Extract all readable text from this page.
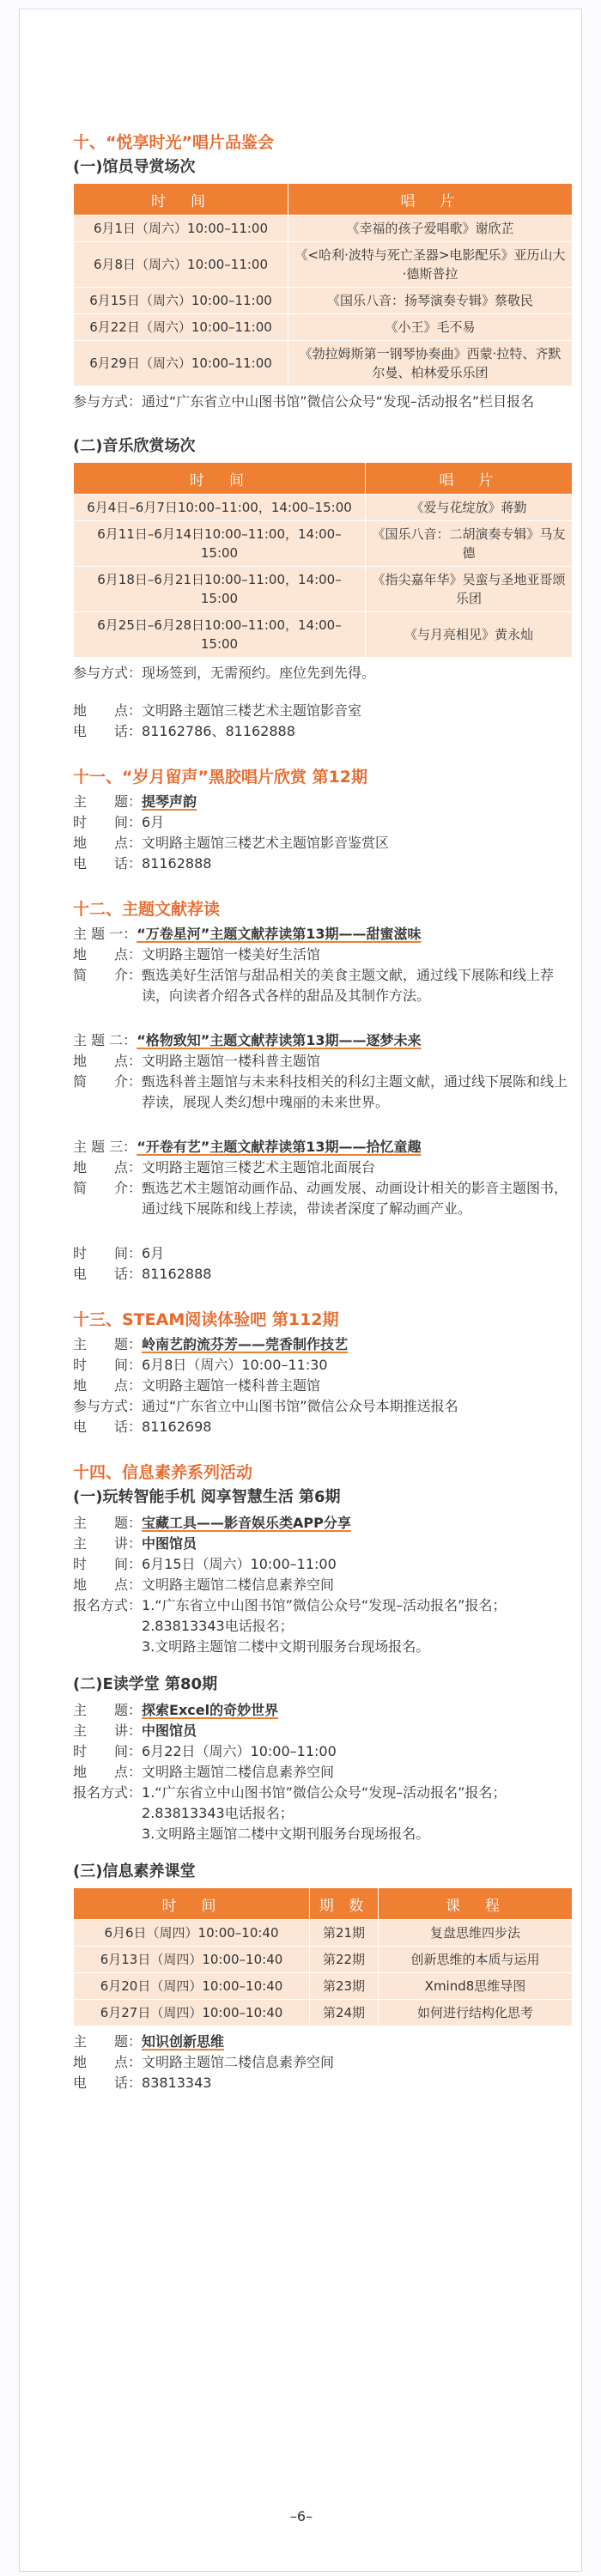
十、“悦享时光”唱片品鉴会
(一)馆员导赏场次
时　间	唱　片
6月1日（周六）10:00–11:00	《幸福的孩子爱唱歌》谢欣芷
6月8日（周六）10:00–11:00	《<哈利·波特与死亡圣器>电影配乐》亚历山大·德斯普拉
6月15日（周六）10:00–11:00	《国乐八音：扬琴演奏专辑》蔡敬民
6月22日（周六）10:00–11:00	《小王》毛不易
6月29日（周六）10:00–11:00	《勃拉姆斯第一钢琴协奏曲》西蒙·拉特、齐默尔曼、柏林爱乐乐团
参与方式： 通过“广东省立中山图书馆”微信公众号“发现–活动报名”栏目报名
(二)音乐欣赏场次
时　间	唱　片
6月4日–6月7日10:00–11:00，14:00–15:00	《爱与花绽放》蒋勤
6月11日–6月14日10:00–11:00，14:00–15:00	《国乐八音：二胡演奏专辑》马友德
6月18日–6月21日10:00–11:00，14:00–15:00	《指尖嘉年华》吴蛮与圣地亚哥颂乐团
6月25日–6月28日10:00–11:00，14:00–15:00	《与月亮相见》黄永灿
参与方式： 现场签到，无需预约。座位先到先得。
地　　点： 文明路主题馆三楼艺术主题馆影音室
电　　话： 81162786、81162888
十一、“岁月留声”黑胶唱片欣赏 第12期
主　　题： 提琴声韵
时　　间： 6月
地　　点： 文明路主题馆三楼艺术主题馆影音鉴赏区
电　　话： 81162888
十二、主题文献荐读
主 题 一： “万卷星河”主题文献荐读第13期——甜蜜滋味
地　　点： 文明路主题馆一楼美好生活馆
简　　介： 甄选美好生活馆与甜品相关的美食主题文献，通过线下展陈和线上荐读，向读者介绍各式各样的甜品及其制作方法。
主 题 二： “格物致知”主题文献荐读第13期——逐梦未来
地　　点： 文明路主题馆一楼科普主题馆
简　　介： 甄选科普主题馆与未来科技相关的科幻主题文献，通过线下展陈和线上荐读，展现人类幻想中瑰丽的未来世界。
主 题 三： “开卷有艺”主题文献荐读第13期——拾忆童趣
地　　点： 文明路主题馆三楼艺术主题馆北面展台
简　　介： 甄选艺术主题馆动画作品、动画发展、动画设计相关的影音主题图书，通过线下展陈和线上荐读，带读者深度了解动画产业。
时　　间： 6月
电　　话： 81162888
十三、STEAM阅读体验吧 第112期
主　　题： 岭南艺韵流芬芳——莞香制作技艺
时　　间： 6月8日（周六）10:00–11:30
地　　点： 文明路主题馆一楼科普主题馆
参与方式： 通过“广东省立中山图书馆”微信公众号本期推送报名
电　　话： 81162698
十四、信息素养系列活动
(一)玩转智能手机 阅享智慧生活 第6期
主　　题： 宝藏工具——影音娱乐类APP分享
主　　讲： 中图馆员
时　　间： 6月15日（周六）10:00–11:00
地　　点： 文明路主题馆二楼信息素养空间
报名方式： 1.“广东省立中山图书馆”微信公众号“发现–活动报名”报名；
2.83813343电话报名；
3.文明路主题馆二楼中文期刊服务台现场报名。
(二)E读学堂 第80期
主　　题： 探索Excel的奇妙世界
主　　讲： 中图馆员
时　　间： 6月22日（周六）10:00–11:00
地　　点： 文明路主题馆二楼信息素养空间
报名方式： 1.“广东省立中山图书馆”微信公众号“发现–活动报名”报名；
2.83813343电话报名；
3.文明路主题馆二楼中文期刊服务台现场报名。
(三)信息素养课堂
时　间	期 数	课　程
6月6日（周四）10:00–10:40	第21期	复盘思维四步法
6月13日（周四）10:00–10:40	第22期	创新思维的本质与运用
6月20日（周四）10:00–10:40	第23期	Xmind8思维导图
6月27日（周四）10:00–10:40	第24期	如何进行结构化思考
主　　题： 知识创新思维
地　　点： 文明路主题馆二楼信息素养空间
电　　话： 83813343
–6–
